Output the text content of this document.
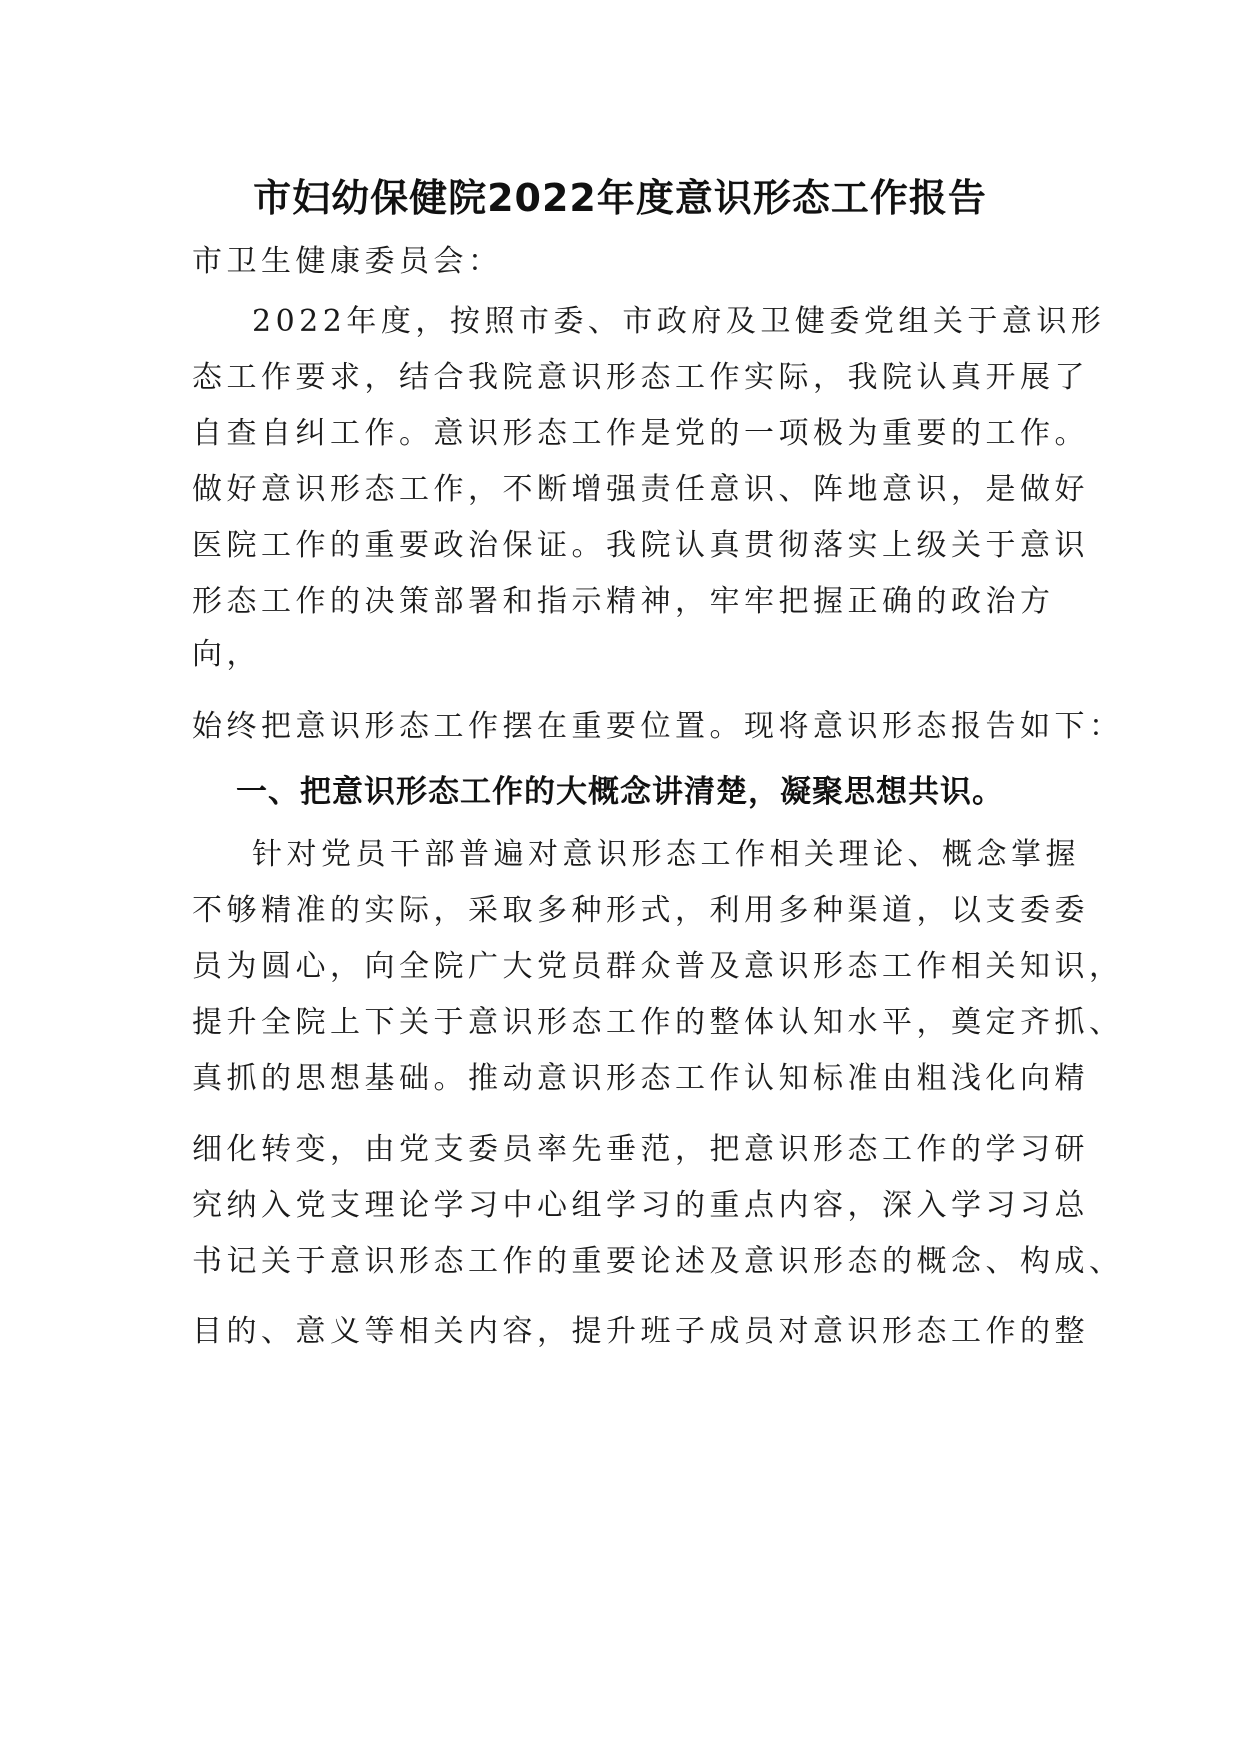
市妇幼保健院2022年度意识形态工作报告
市卫生健康委员会：
2022年度，按照市委、市政府及卫健委党组关于意识形
态工作要求，结合我院意识形态工作实际，我院认真开展了
自查自纠工作。意识形态工作是党的一项极为重要的工作。
做好意识形态工作，不断增强责任意识、阵地意识，是做好
医院工作的重要政治保证。我院认真贯彻落实上级关于意识
形态工作的决策部署和指示精神，牢牢把握正确的政治方
向，
始终把意识形态工作摆在重要位置。现将意识形态报告如下：
一、把意识形态工作的大概念讲清楚，凝聚思想共识。
针对党员干部普遍对意识形态工作相关理论、概念掌握
不够精准的实际，采取多种形式，利用多种渠道，以支委委
员为圆心，向全院广大党员群众普及意识形态工作相关知识，
提升全院上下关于意识形态工作的整体认知水平，奠定齐抓、
真抓的思想基础。推动意识形态工作认知标准由粗浅化向精
细化转变，由党支委员率先垂范，把意识形态工作的学习研
究纳入党支理论学习中心组学习的重点内容，深入学习习总
书记关于意识形态工作的重要论述及意识形态的概念、构成、
目的、意义等相关内容，提升班子成员对意识形态工作的整
